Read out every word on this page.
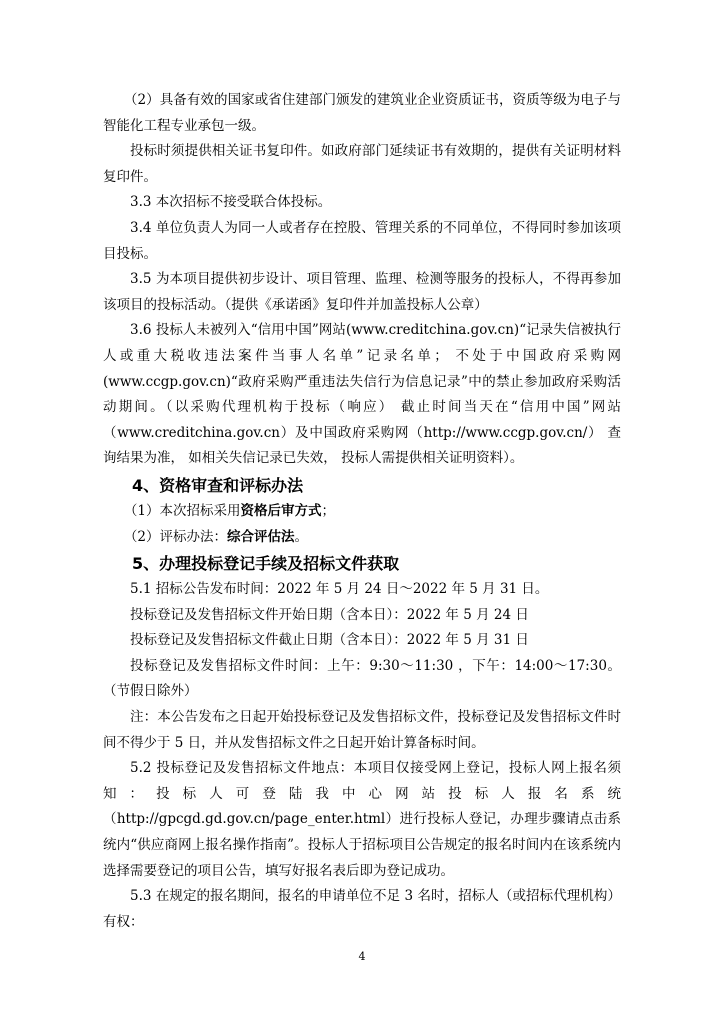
（2）具备有效的国家或省住建部门颁发的建筑业企业资质证书，资质等级为电子与智能化工程专业承包一级。

投标时须提供相关证书复印件。如政府部门延续证书有效期的，提供有关证明材料复印件。

3.3 本次招标不接受联合体投标。

3.4 单位负责人为同一人或者存在控股、管理关系的不同单位，不得同时参加该项目投标。

3.5 为本项目提供初步设计、项目管理、监理、检测等服务的投标人，不得再参加该项目的投标活动。（提供《承诺函》复印件并加盖投标人公章）

3.6 投标人未被列入“信用中国”网站(www.creditchina.gov.cn)“记录失信被执行人或重大税收违法案件当事人名单”记录名单； 不处于中国政府采购网(www.ccgp.gov.cn)“政府采购严重违法失信行为信息记录”中的禁止参加政府采购活动期间。（以采购代理机构于投标（响应） 截止时间当天在“信用中国”网站（www.creditchina.gov.cn）及中国政府采购网（http://www.ccgp.gov.cn/） 查询结果为准， 如相关失信记录已失效， 投标人需提供相关证明资料）。

4、资格审查和评标办法

（1）本次招标采用资格后审方式；

（2）评标办法：综合评估法。

5、办理投标登记手续及招标文件获取

5.1 招标公告发布时间：2022 年 5 月 24 日～2022 年 5 月 31 日。

投标登记及发售招标文件开始日期（含本日）：2022 年 5 月 24 日

投标登记及发售招标文件截止日期（含本日）：2022 年 5 月 31 日

投标登记及发售招标文件时间：上午：9:30～11:30 ，下午：14:00～17:30。（节假日除外）

注：本公告发布之日起开始投标登记及发售招标文件，投标登记及发售招标文件时间不得少于 5 日，并从发售招标文件之日起开始计算备标时间。

5.2 投标登记及发售招标文件地点：本项目仅接受网上登记，投标人网上报名须知：投标人可登陆我中心网站投标人报名系统（http://gpcgd.gd.gov.cn/page_enter.html）进行投标人登记，办理步骤请点击系统内“供应商网上报名操作指南”。投标人于招标项目公告规定的报名时间内在该系统内选择需要登记的项目公告，填写好报名表后即为登记成功。

5.3 在规定的报名期间，报名的申请单位不足 3 名时，招标人（或招标代理机构）有权：

4
